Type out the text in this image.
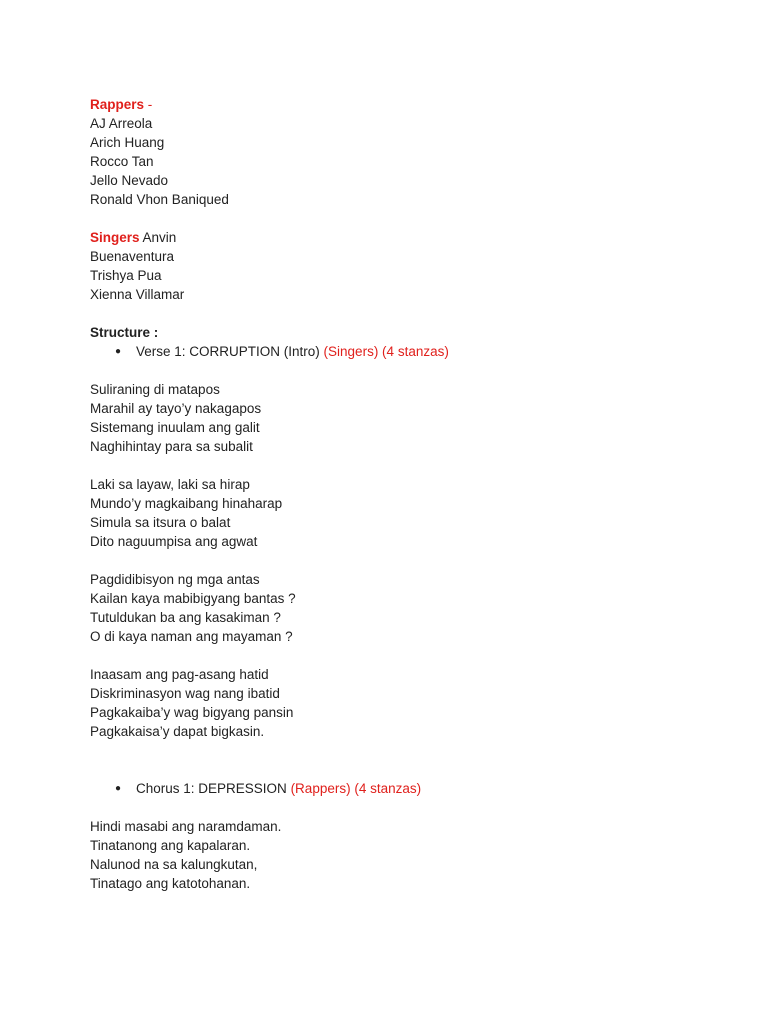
Rappers -
AJ Arreola
Arich Huang
Rocco Tan
Jello Nevado
Ronald Vhon Baniqued
Singers Anvin
Buenaventura
Trishya Pua
Xienna Villamar
Structure :
● Verse 1: CORRUPTION (Intro) (Singers) (4 stanzas)
Suliraning di matapos
Marahil ay tayo’y nakagapos
Sistemang inuulam ang galit
Naghihintay para sa subalit
Laki sa layaw, laki sa hirap
Mundo’y magkaibang hinaharap
Simula sa itsura o balat
Dito naguumpisa ang agwat
Pagdidibisyon ng mga antas
Kailan kaya mabibigyang bantas ?
Tutuldukan ba ang kasakiman ?
O di kaya naman ang mayaman ?
Inaasam ang pag-asang hatid
Diskriminasyon wag nang ibatid
Pagkakaiba’y wag bigyang pansin
Pagkakaisa’y dapat bigkasin.
● Chorus 1: DEPRESSION (Rappers) (4 stanzas)
Hindi masabi ang naramdaman.
Tinatanong ang kapalaran.
Nalunod na sa kalungkutan,
Tinatago ang katotohanan.
